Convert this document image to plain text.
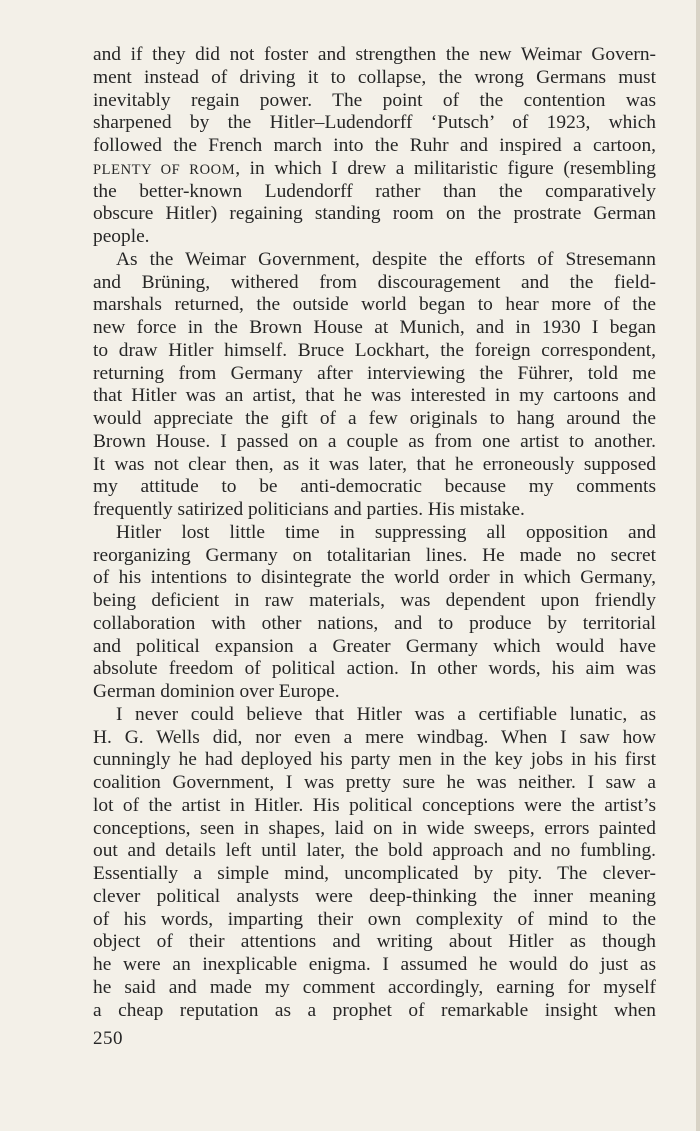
and if they did not foster and strengthen the new Weimar Govern-
ment instead of driving it to collapse, the wrong Germans must
inevitably regain power. The point of the contention was
sharpened by the Hitler–Ludendorff ‘Putsch’ of 1923, which
followed the French march into the Ruhr and inspired a cartoon,
PLENTY OF ROOM, in which I drew a militaristic figure (resembling
the better-known Ludendorff rather than the comparatively
obscure Hitler) regaining standing room on the prostrate German
people.
As the Weimar Government, despite the efforts of Stresemann
and Brüning, withered from discouragement and the field-
marshals returned, the outside world began to hear more of the
new force in the Brown House at Munich, and in 1930 I began
to draw Hitler himself. Bruce Lockhart, the foreign correspondent,
returning from Germany after interviewing the Führer, told me
that Hitler was an artist, that he was interested in my cartoons and
would appreciate the gift of a few originals to hang around the
Brown House. I passed on a couple as from one artist to another.
It was not clear then, as it was later, that he erroneously supposed
my attitude to be anti-democratic because my comments
frequently satirized politicians and parties. His mistake.
Hitler lost little time in suppressing all opposition and
reorganizing Germany on totalitarian lines. He made no secret
of his intentions to disintegrate the world order in which Germany,
being deficient in raw materials, was dependent upon friendly
collaboration with other nations, and to produce by territorial
and political expansion a Greater Germany which would have
absolute freedom of political action. In other words, his aim was
German dominion over Europe.
I never could believe that Hitler was a certifiable lunatic, as
H. G. Wells did, nor even a mere windbag. When I saw how
cunningly he had deployed his party men in the key jobs in his first
coalition Government, I was pretty sure he was neither. I saw a
lot of the artist in Hitler. His political conceptions were the artist’s
conceptions, seen in shapes, laid on in wide sweeps, errors painted
out and details left until later, the bold approach and no fumbling.
Essentially a simple mind, uncomplicated by pity. The clever-
clever political analysts were deep-thinking the inner meaning
of his words, imparting their own complexity of mind to the
object of their attentions and writing about Hitler as though
he were an inexplicable enigma. I assumed he would do just as
he said and made my comment accordingly, earning for myself
a cheap reputation as a prophet of remarkable insight when
250
